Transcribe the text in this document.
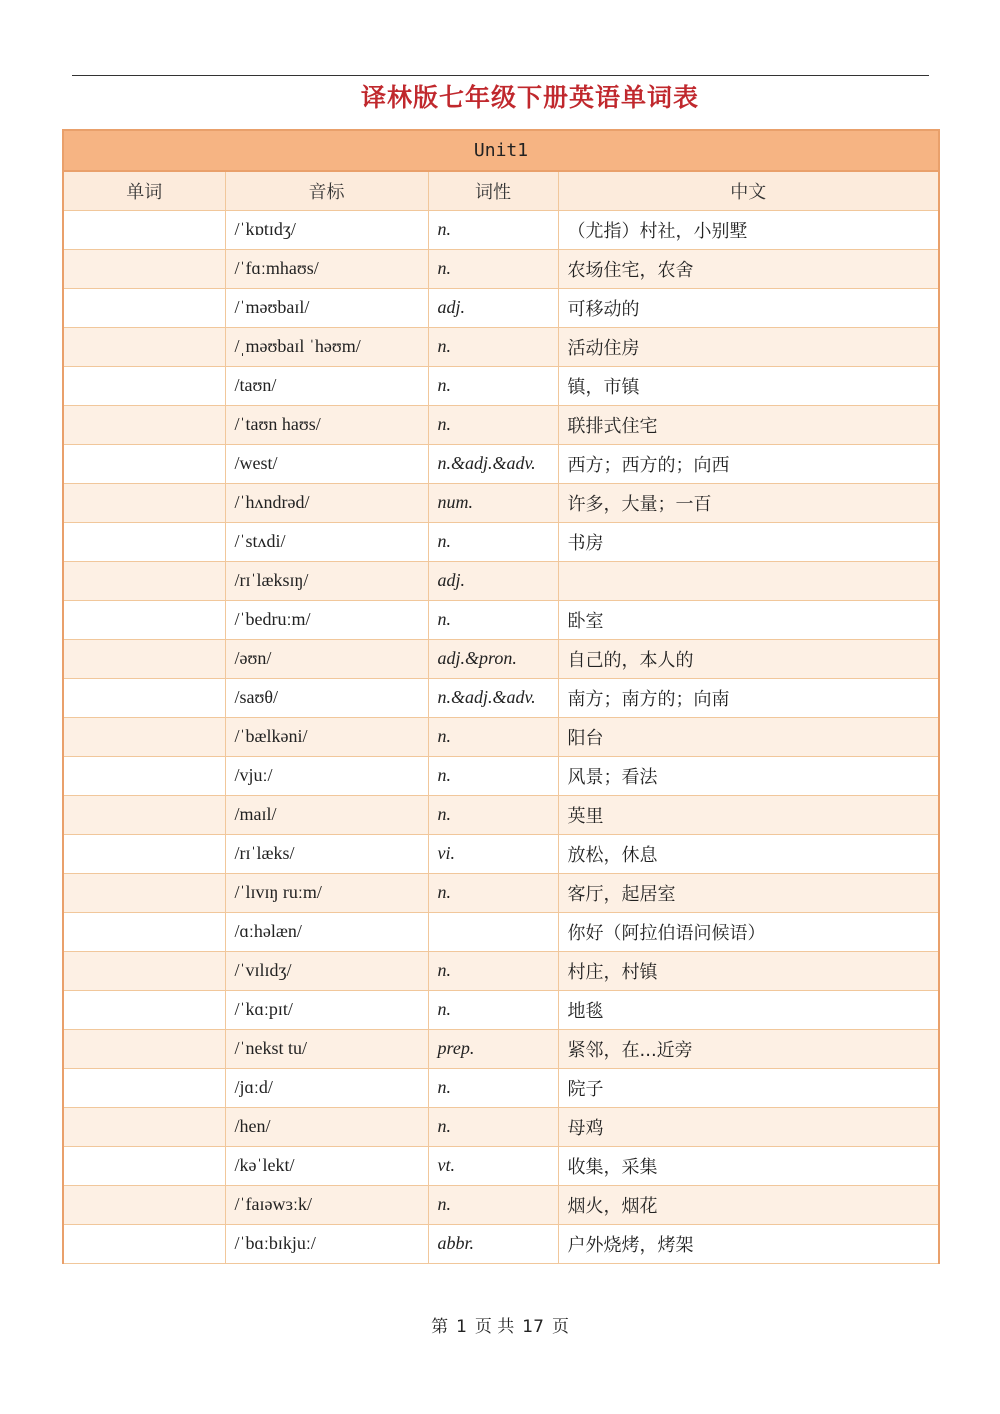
译林版七年级下册英语单词表
Unit1			
单词	音标	词性	中文
	/ˈkɒtɪdʒ/	n.	（尤指）村社，小别墅
	/ˈfɑːmhaʊs/	n.	农场住宅，农舍
	/ˈməʊbaɪl/	adj.	可移动的
	/ˌməʊbaɪl ˈhəʊm/	n.	活动住房
	/taʊn/	n.	镇，市镇
	/ˈtaʊn haʊs/	n.	联排式住宅
	/west/	n.&adj.&adv.	西方；西方的；向西
	/ˈhʌndrəd/	num.	许多，大量；一百
	/ˈstʌdi/	n.	书房
	/rɪˈlæksɪŋ/	adj.	
	/ˈbedruːm/	n.	卧室
	/əʊn/	adj.&pron.	自己的，本人的
	/saʊθ/	n.&adj.&adv.	南方；南方的；向南
	/ˈbælkəni/	n.	阳台
	/vjuː/	n.	风景；看法
	/maɪl/	n.	英里
	/rɪˈlæks/	vi.	放松，休息
	/ˈlɪvɪŋ ruːm/	n.	客厅，起居室
	/ɑːhəlæn/		你好（阿拉伯语问候语）
	/ˈvɪlɪdʒ/	n.	村庄，村镇
	/ˈkɑːpɪt/	n.	地毯
	/ˈnekst tu/	prep.	紧邻，在...近旁
	/jɑːd/	n.	院子
	/hen/	n.	母鸡
	/kəˈlekt/	vt.	收集，采集
	/ˈfaɪəwɜːk/	n.	烟火，烟花
	/ˈbɑːbɪkjuː/	abbr.	户外烧烤，烤架
第 1 页 共 17 页
